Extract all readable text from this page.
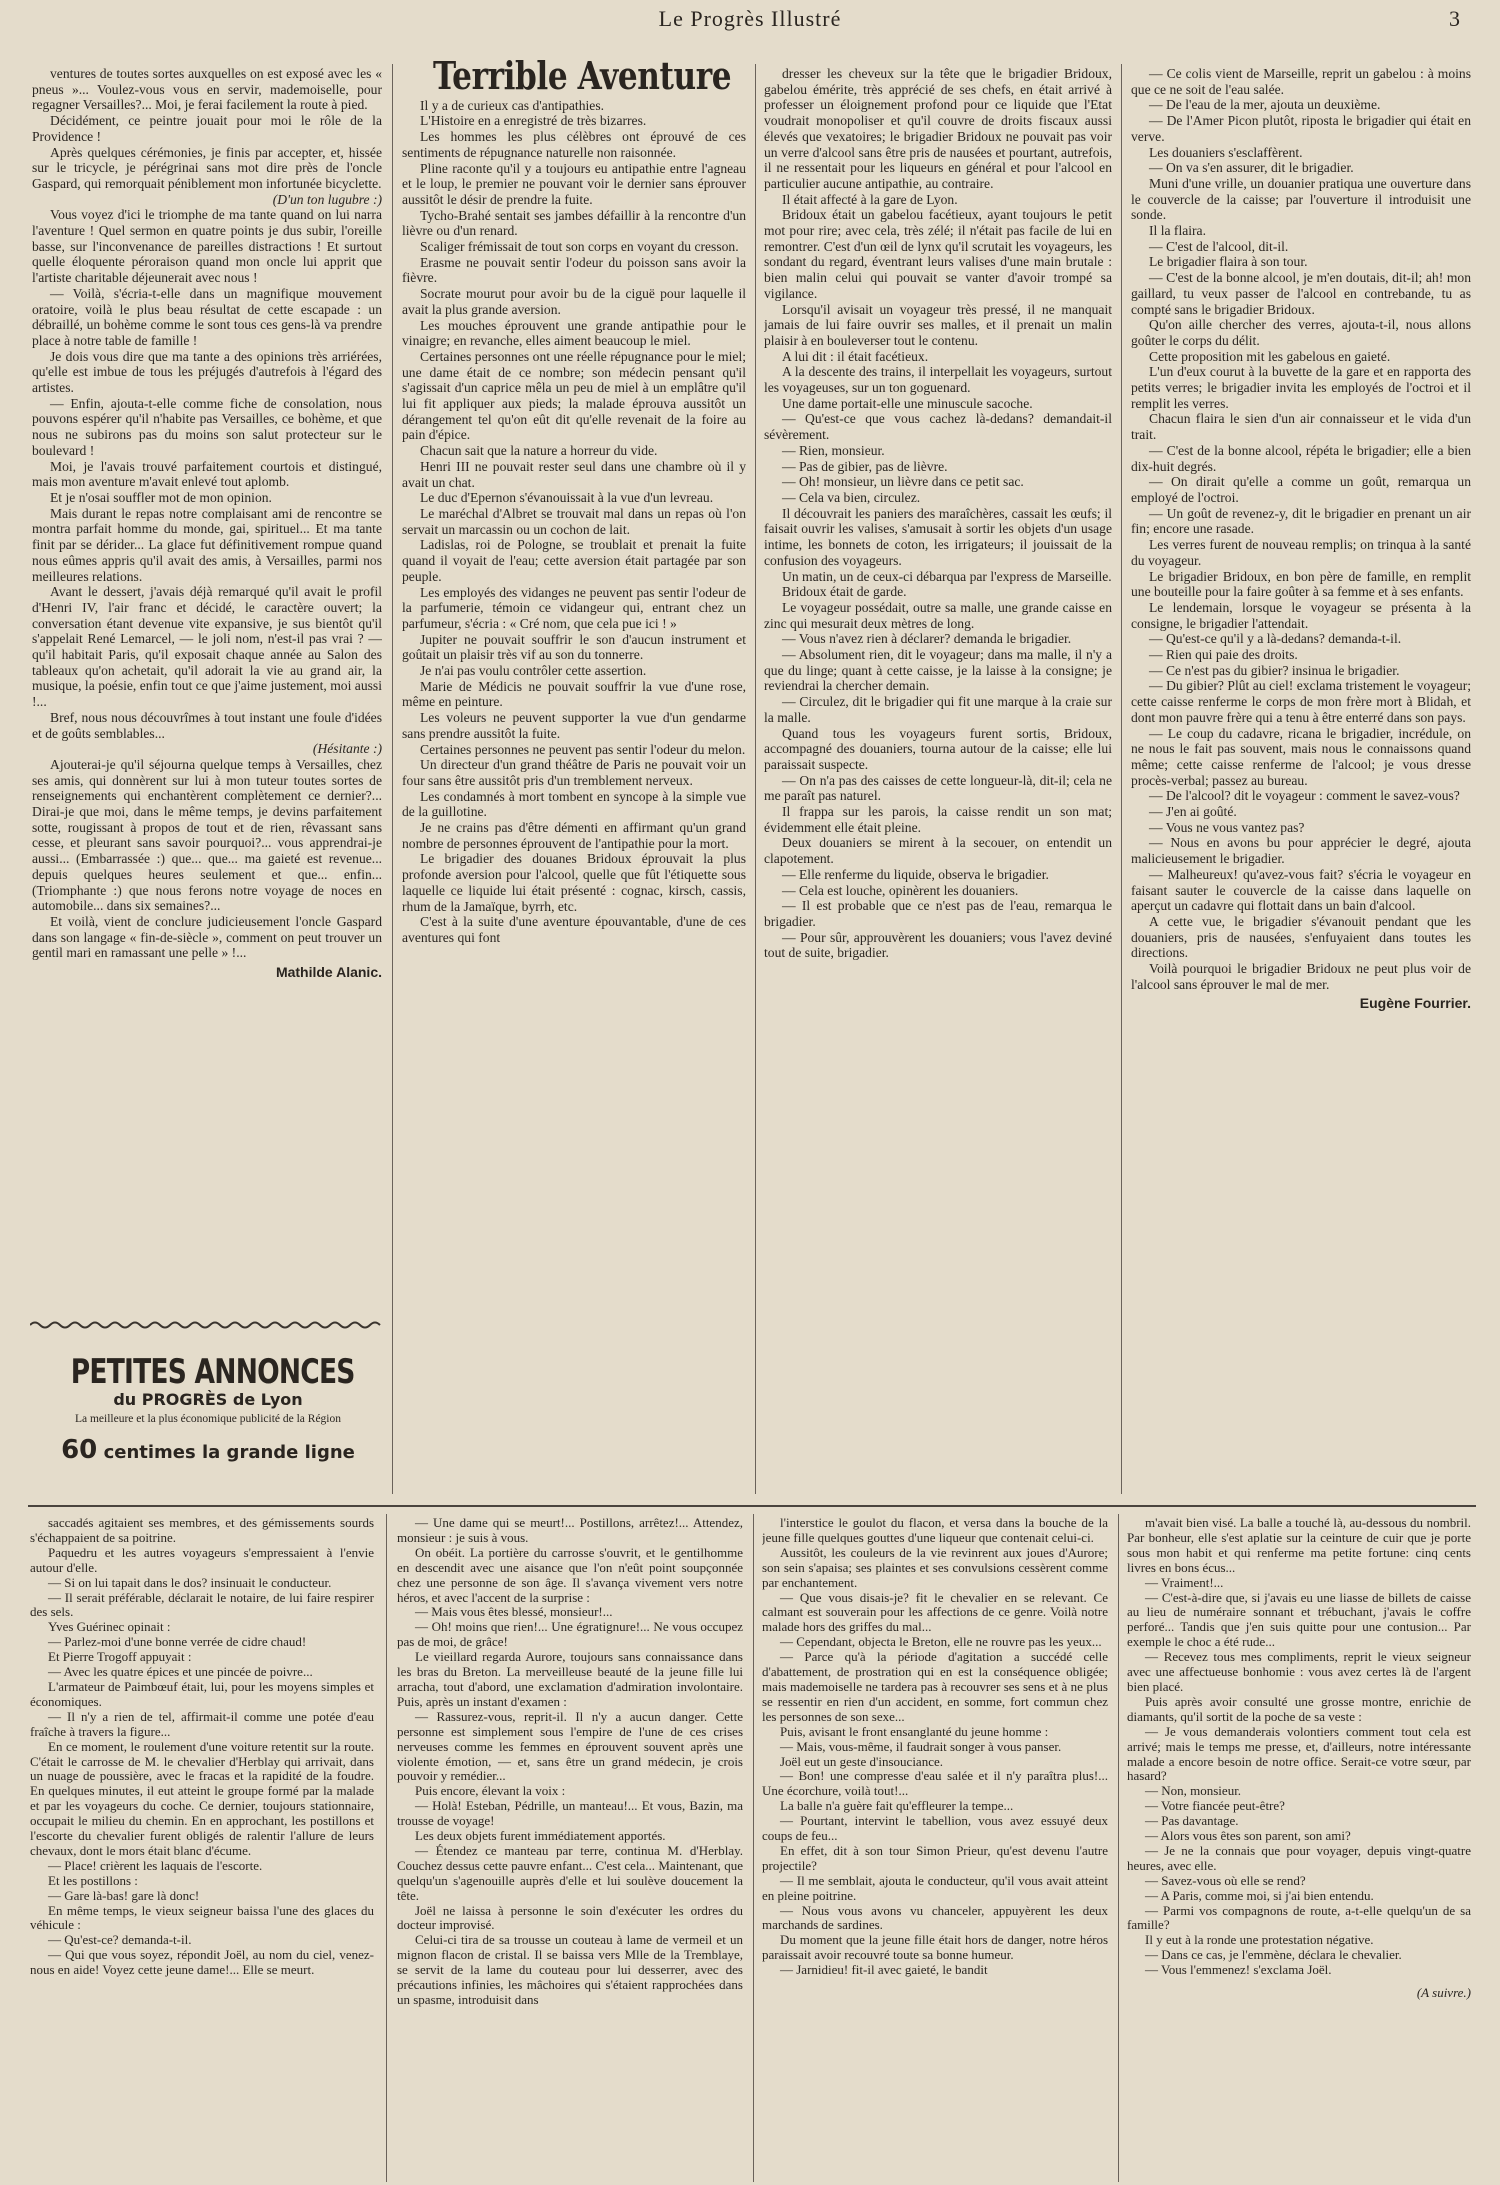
Le Progrès Illustré	3

ventures de toutes sortes auxquelles on est exposé avec les « pneus »... Voulez-vous vous en servir, mademoiselle, pour regagner Versailles?... Moi, je ferai facilement la route à pied.

Décidément, ce peintre jouait pour moi le rôle de la Providence !

Après quelques cérémonies, je finis par accepter, et, hissée sur le tricycle, je pérégrinai sans mot dire près de l'oncle Gaspard, qui remorquait péniblement mon infortunée bicyclette.

(D'un ton lugubre :)

Vous voyez d'ici le triomphe de ma tante quand on lui narra l'aventure ! Quel sermon en quatre points je dus subir, l'oreille basse, sur l'inconvenance de pareilles distractions ! Et surtout quelle éloquente péroraison quand mon oncle lui apprit que l'artiste charitable déjeunerait avec nous !

— Voilà, s'écria-t-elle dans un magnifique mouvement oratoire, voilà le plus beau résultat de cette escapade : un débraillé, un bohème comme le sont tous ces gens-là va prendre place à notre table de famille !

Je dois vous dire que ma tante a des opinions très arriérées, qu'elle est imbue de tous les préjugés d'autrefois à l'égard des artistes.

— Enfin, ajouta-t-elle comme fiche de consolation, nous pouvons espérer qu'il n'habite pas Versailles, ce bohème, et que nous ne subirons pas du moins son salut protecteur sur le boulevard !

Moi, je l'avais trouvé parfaitement courtois et distingué, mais mon aventure m'avait enlevé tout aplomb.

Et je n'osai souffler mot de mon opinion.

Mais durant le repas notre complaisant ami de rencontre se montra parfait homme du monde, gai, spirituel... Et ma tante finit par se dérider... La glace fut définitivement rompue quand nous eûmes appris qu'il avait des amis, à Versailles, parmi nos meilleures relations.

Avant le dessert, j'avais déjà remarqué qu'il avait le profil d'Henri IV, l'air franc et décidé, le caractère ouvert; la conversation étant devenue vite expansive, je sus bientôt qu'il s'appelait René Lemarcel, — le joli nom, n'est-il pas vrai ? — qu'il habitait Paris, qu'il exposait chaque année au Salon des tableaux qu'on achetait, qu'il adorait la vie au grand air, la musique, la poésie, enfin tout ce que j'aime justement, moi aussi !...

Bref, nous nous découvrîmes à tout instant une foule d'idées et de goûts semblables...

(Hésitante :)

Ajouterai-je qu'il séjourna quelque temps à Versailles, chez ses amis, qui donnèrent sur lui à mon tuteur toutes sortes de renseignements qui enchantèrent complètement ce dernier?... Dirai-je que moi, dans le même temps, je devins parfaitement sotte, rougissant à propos de tout et de rien, rêvassant sans cesse, et pleurant sans savoir pourquoi?... vous apprendrai-je aussi... (Embarrassée :) que... que... ma gaieté est revenue... depuis quelques heures seulement et que... enfin... (Triomphante :) que nous ferons notre voyage de noces en automobile... dans six semaines?...

Et voilà, vient de conclure judicieusement l'oncle Gaspard dans son langage « fin-de-siècle », comment on peut trouver un gentil mari en ramassant une pelle » !...

Mathilde Alanic.

PETITES ANNONCES
du PROGRÈS de Lyon
La meilleure et la plus économique publicité de la Région
60 centimes la grande ligne
Terrible Aventure

Il y a de curieux cas d'antipathies.

L'Histoire en a enregistré de très bizarres.

Les hommes les plus célèbres ont éprouvé de ces sentiments de répugnance naturelle non raisonnée.

Pline raconte qu'il y a toujours eu antipathie entre l'agneau et le loup, le premier ne pouvant voir le dernier sans éprouver aussitôt le désir de prendre la fuite.

Tycho-Brahé sentait ses jambes défaillir à la rencontre d'un lièvre ou d'un renard.

Scaliger frémissait de tout son corps en voyant du cresson.

Erasme ne pouvait sentir l'odeur du poisson sans avoir la fièvre.

Socrate mourut pour avoir bu de la ciguë pour laquelle il avait la plus grande aversion.

Les mouches éprouvent une grande antipathie pour le vinaigre; en revanche, elles aiment beaucoup le miel.

Certaines personnes ont une réelle répugnance pour le miel; une dame était de ce nombre; son médecin pensant qu'il s'agissait d'un caprice mêla un peu de miel à un emplâtre qu'il lui fit appliquer aux pieds; la malade éprouva aussitôt un dérangement tel qu'on eût dit qu'elle revenait de la foire au pain d'épice.

Chacun sait que la nature a horreur du vide.

Henri III ne pouvait rester seul dans une chambre où il y avait un chat.

Le duc d'Epernon s'évanouissait à la vue d'un levreau.

Le maréchal d'Albret se trouvait mal dans un repas où l'on servait un marcassin ou un cochon de lait.

Ladislas, roi de Pologne, se troublait et prenait la fuite quand il voyait de l'eau; cette aversion était partagée par son peuple.

Les employés des vidanges ne peuvent pas sentir l'odeur de la parfumerie, témoin ce vidangeur qui, entrant chez un parfumeur, s'écria : « Cré nom, que cela pue ici ! »

Jupiter ne pouvait souffrir le son d'aucun instrument et goûtait un plaisir très vif au son du tonnerre.

Je n'ai pas voulu contrôler cette assertion.

Marie de Médicis ne pouvait souffrir la vue d'une rose, même en peinture.

Les voleurs ne peuvent supporter la vue d'un gendarme sans prendre aussitôt la fuite.

Certaines personnes ne peuvent pas sentir l'odeur du melon.

Un directeur d'un grand théâtre de Paris ne pouvait voir un four sans être aussitôt pris d'un tremblement nerveux.

Les condamnés à mort tombent en syncope à la simple vue de la guillotine.

Je ne crains pas d'être démenti en affirmant qu'un grand nombre de personnes éprouvent de l'antipathie pour la mort.

Le brigadier des douanes Bridoux éprouvait la plus profonde aversion pour l'alcool, quelle que fût l'étiquette sous laquelle ce liquide lui était présenté : cognac, kirsch, cassis, rhum de la Jamaïque, byrrh, etc.

C'est à la suite d'une aventure épouvantable, d'une de ces aventures qui font

dresser les cheveux sur la tête que le brigadier Bridoux, gabelou émérite, très apprécié de ses chefs, en était arrivé à professer un éloignement profond pour ce liquide que l'Etat voudrait monopoliser et qu'il couvre de droits fiscaux aussi élevés que vexatoires; le brigadier Bridoux ne pouvait pas voir un verre d'alcool sans être pris de nausées et pourtant, autrefois, il ne ressentait pour les liqueurs en général et pour l'alcool en particulier aucune antipathie, au contraire.

Il était affecté à la gare de Lyon.

Bridoux était un gabelou facétieux, ayant toujours le petit mot pour rire; avec cela, très zélé; il n'était pas facile de lui en remontrer. C'est d'un œil de lynx qu'il scrutait les voyageurs, les sondant du regard, éventrant leurs valises d'une main brutale : bien malin celui qui pouvait se vanter d'avoir trompé sa vigilance.

Lorsqu'il avisait un voyageur très pressé, il ne manquait jamais de lui faire ouvrir ses malles, et il prenait un malin plaisir à en bouleverser tout le contenu.

A lui dit : il était facétieux.

A la descente des trains, il interpellait les voyageurs, surtout les voyageuses, sur un ton goguenard.

Une dame portait-elle une minuscule sacoche.

— Qu'est-ce que vous cachez là-dedans? demandait-il sévèrement.

— Rien, monsieur.

— Pas de gibier, pas de lièvre.

— Oh! monsieur, un lièvre dans ce petit sac.

— Cela va bien, circulez.

Il découvrait les paniers des maraîchères, cassait les œufs; il faisait ouvrir les valises, s'amusait à sortir les objets d'un usage intime, les bonnets de coton, les irrigateurs; il jouissait de la confusion des voyageurs.

Un matin, un de ceux-ci débarqua par l'express de Marseille.

Bridoux était de garde.

Le voyageur possédait, outre sa malle, une grande caisse en zinc qui mesurait deux mètres de long.

— Vous n'avez rien à déclarer? demanda le brigadier.

— Absolument rien, dit le voyageur; dans ma malle, il n'y a que du linge; quant à cette caisse, je la laisse à la consigne; je reviendrai la chercher demain.

— Circulez, dit le brigadier qui fit une marque à la craie sur la malle.

Quand tous les voyageurs furent sortis, Bridoux, accompagné des douaniers, tourna autour de la caisse; elle lui paraissait suspecte.

— On n'a pas des caisses de cette longueur-là, dit-il; cela ne me paraît pas naturel.

Il frappa sur les parois, la caisse rendit un son mat; évidemment elle était pleine.

Deux douaniers se mirent à la secouer, on entendit un clapotement.

— Elle renferme du liquide, observa le brigadier.

— Cela est louche, opinèrent les douaniers.

— Il est probable que ce n'est pas de l'eau, remarqua le brigadier.

— Pour sûr, approuvèrent les douaniers; vous l'avez deviné tout de suite, brigadier.

— Ce colis vient de Marseille, reprit un gabelou : à moins que ce ne soit de l'eau salée.

— De l'eau de la mer, ajouta un deuxième.

— De l'Amer Picon plutôt, riposta le brigadier qui était en verve.

Les douaniers s'esclaffèrent.

— On va s'en assurer, dit le brigadier.

Muni d'une vrille, un douanier pratiqua une ouverture dans le couvercle de la caisse; par l'ouverture il introduisit une sonde.

Il la flaira.

— C'est de l'alcool, dit-il.

Le brigadier flaira à son tour.

— C'est de la bonne alcool, je m'en doutais, dit-il; ah! mon gaillard, tu veux passer de l'alcool en contrebande, tu as compté sans le brigadier Bridoux.

Qu'on aille chercher des verres, ajouta-t-il, nous allons goûter le corps du délit.

Cette proposition mit les gabelous en gaieté.

L'un d'eux courut à la buvette de la gare et en rapporta des petits verres; le brigadier invita les employés de l'octroi et il remplit les verres.

Chacun flaira le sien d'un air connaisseur et le vida d'un trait.

— C'est de la bonne alcool, répéta le brigadier; elle a bien dix-huit degrés.

— On dirait qu'elle a comme un goût, remarqua un employé de l'octroi.

— Un goût de revenez-y, dit le brigadier en prenant un air fin; encore une rasade.

Les verres furent de nouveau remplis; on trinqua à la santé du voyageur.

Le brigadier Bridoux, en bon père de famille, en remplit une bouteille pour la faire goûter à sa femme et à ses enfants.

Le lendemain, lorsque le voyageur se présenta à la consigne, le brigadier l'attendait.

— Qu'est-ce qu'il y a là-dedans? demanda-t-il.

— Rien qui paie des droits.

— Ce n'est pas du gibier? insinua le brigadier.

— Du gibier? Plût au ciel! exclama tristement le voyageur; cette caisse renferme le corps de mon frère mort à Blidah, et dont mon pauvre frère qui a tenu à être enterré dans son pays.

— Le coup du cadavre, ricana le brigadier, incrédule, on ne nous le fait pas souvent, mais nous le connaissons quand même; cette caisse renferme de l'alcool; je vous dresse procès-verbal; passez au bureau.

— De l'alcool? dit le voyageur : comment le savez-vous?

— J'en ai goûté.

— Vous ne vous vantez pas?

— Nous en avons bu pour apprécier le degré, ajouta malicieusement le brigadier.

— Malheureux! qu'avez-vous fait? s'écria le voyageur en faisant sauter le couvercle de la caisse dans laquelle on aperçut un cadavre qui flottait dans un bain d'alcool.

A cette vue, le brigadier s'évanouit pendant que les douaniers, pris de nausées, s'enfuyaient dans toutes les directions.

Voilà pourquoi le brigadier Bridoux ne peut plus voir de l'alcool sans éprouver le mal de mer.

Eugène Fourrier.

saccadés agitaient ses membres, et des gémissements sourds s'échappaient de sa poitrine.

Paquedru et les autres voyageurs s'empressaient à l'envie autour d'elle.

— Si on lui tapait dans le dos? insinuait le conducteur.

— Il serait préférable, déclarait le notaire, de lui faire respirer des sels.

Yves Guérinec opinait :

— Parlez-moi d'une bonne verrée de cidre chaud!

Et Pierre Trogoff appuyait :

— Avec les quatre épices et une pincée de poivre...

L'armateur de Paimbœuf était, lui, pour les moyens simples et économiques.

— Il n'y a rien de tel, affirmait-il comme une potée d'eau fraîche à travers la figure...

En ce moment, le roulement d'une voiture retentit sur la route. C'était le carrosse de M. le chevalier d'Herblay qui arrivait, dans un nuage de poussière, avec le fracas et la rapidité de la foudre. En quelques minutes, il eut atteint le groupe formé par la malade et par les voyageurs du coche. Ce dernier, toujours stationnaire, occupait le milieu du chemin. En en approchant, les postillons et l'escorte du chevalier furent obligés de ralentir l'allure de leurs chevaux, dont le mors était blanc d'écume.

— Place! crièrent les laquais de l'escorte.

Et les postillons :

— Gare là-bas! gare là donc!

En même temps, le vieux seigneur baissa l'une des glaces du véhicule :

— Qu'est-ce? demanda-t-il.

— Qui que vous soyez, répondit Joël, au nom du ciel, venez-nous en aide! Voyez cette jeune dame!... Elle se meurt.

— Une dame qui se meurt!... Postillons, arrêtez!... Attendez, monsieur : je suis à vous.

On obéit. La portière du carrosse s'ouvrit, et le gentilhomme en descendit avec une aisance que l'on n'eût point soupçonnée chez une personne de son âge. Il s'avança vivement vers notre héros, et avec l'accent de la surprise :

— Mais vous êtes blessé, monsieur!...

— Oh! moins que rien!... Une égratignure!... Ne vous occupez pas de moi, de grâce!

Le vieillard regarda Aurore, toujours sans connaissance dans les bras du Breton. La merveilleuse beauté de la jeune fille lui arracha, tout d'abord, une exclamation d'admiration involontaire. Puis, après un instant d'examen :

— Rassurez-vous, reprit-il. Il n'y a aucun danger. Cette personne est simplement sous l'empire de l'une de ces crises nerveuses comme les femmes en éprouvent souvent après une violente émotion, — et, sans être un grand médecin, je crois pouvoir y remédier...

Puis encore, élevant la voix :

— Holà! Esteban, Pédrille, un manteau!... Et vous, Bazin, ma trousse de voyage!

Les deux objets furent immédiatement apportés.

— Étendez ce manteau par terre, continua M. d'Herblay. Couchez dessus cette pauvre enfant... C'est cela... Maintenant, que quelqu'un s'agenouille auprès d'elle et lui soulève doucement la tête.

Joël ne laissa à personne le soin d'exécuter les ordres du docteur improvisé.

Celui-ci tira de sa trousse un couteau à lame de vermeil et un mignon flacon de cristal. Il se baissa vers Mlle de la Tremblaye, se servit de la lame du couteau pour lui desserrer, avec des précautions infinies, les mâchoires qui s'étaient rapprochées dans un spasme, introduisit dans

l'interstice le goulot du flacon, et versa dans la bouche de la jeune fille quelques gouttes d'une liqueur que contenait celui-ci.

Aussitôt, les couleurs de la vie revinrent aux joues d'Aurore; son sein s'apaisa; ses plaintes et ses convulsions cessèrent comme par enchantement.

— Que vous disais-je? fit le chevalier en se relevant. Ce calmant est souverain pour les affections de ce genre. Voilà notre malade hors des griffes du mal...

— Cependant, objecta le Breton, elle ne rouvre pas les yeux...

— Parce qu'à la période d'agitation a succédé celle d'abattement, de prostration qui en est la conséquence obligée; mais mademoiselle ne tardera pas à recouvrer ses sens et à ne plus se ressentir en rien d'un accident, en somme, fort commun chez les personnes de son sexe...

Puis, avisant le front ensanglanté du jeune homme :

— Mais, vous-même, il faudrait songer à vous panser.

Joël eut un geste d'insouciance.

— Bon! une compresse d'eau salée et il n'y paraîtra plus!... Une écorchure, voilà tout!...

La balle n'a guère fait qu'effleurer la tempe...

— Pourtant, intervint le tabellion, vous avez essuyé deux coups de feu...

En effet, dit à son tour Simon Prieur, qu'est devenu l'autre projectile?

— Il me semblait, ajouta le conducteur, qu'il vous avait atteint en pleine poitrine.

— Nous vous avons vu chanceler, appuyèrent les deux marchands de sardines.

Du moment que la jeune fille était hors de danger, notre héros paraissait avoir recouvré toute sa bonne humeur.

— Jarnidieu! fit-il avec gaieté, le bandit

m'avait bien visé. La balle a touché là, au-dessous du nombril. Par bonheur, elle s'est aplatie sur la ceinture de cuir que je porte sous mon habit et qui renferme ma petite fortune: cinq cents livres en bons écus...

— Vraiment!...

— C'est-à-dire que, si j'avais eu une liasse de billets de caisse au lieu de numéraire sonnant et trébuchant, j'avais le coffre perforé... Tandis que j'en suis quitte pour une contusion... Par exemple le choc a été rude...

— Recevez tous mes compliments, reprit le vieux seigneur avec une affectueuse bonhomie : vous avez certes là de l'argent bien placé.

Puis après avoir consulté une grosse montre, enrichie de diamants, qu'il sortit de la poche de sa veste :

— Je vous demanderais volontiers comment tout cela est arrivé; mais le temps me presse, et, d'ailleurs, notre intéressante malade a encore besoin de notre office. Serait-ce votre sœur, par hasard?

— Non, monsieur.

— Votre fiancée peut-être?

— Pas davantage.

— Alors vous êtes son parent, son ami?

— Je ne la connais que pour voyager, depuis vingt-quatre heures, avec elle.

— Savez-vous où elle se rend?

— A Paris, comme moi, si j'ai bien entendu.

— Parmi vos compagnons de route, a-t-elle quelqu'un de sa famille?

Il y eut à la ronde une protestation négative.

— Dans ce cas, je l'emmène, déclara le chevalier.

— Vous l'emmenez! s'exclama Joël.

(A suivre.)
